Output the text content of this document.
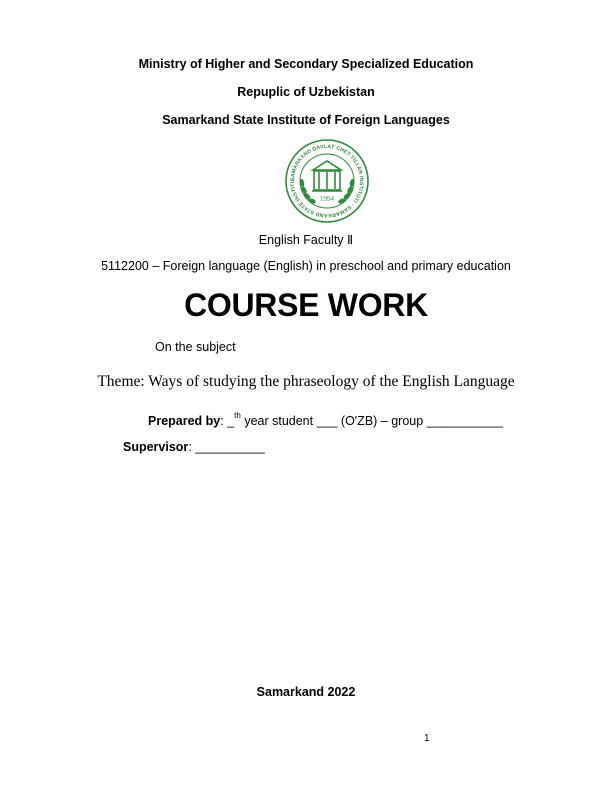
Ministry of Higher and Secondary Specialized Education
Repuplic of Uzbekistan
Samarkand State Institute of Foreign Languages
SAMARKAND DAVLAT CHET TILLAR INSTITUTI · SAMARKAND STATE INSTITU
1994
English Faculty Ⅱ
5112200 – Foreign language (English) in preschool and primary education
COURSE WORK
On the subject
Theme: Ways of studying the phraseology of the English Language
Prepared by: _$^{th}$ year student ___ (O'ZB) – group ___________
Supervisor: __________
Samarkand 2022
1
